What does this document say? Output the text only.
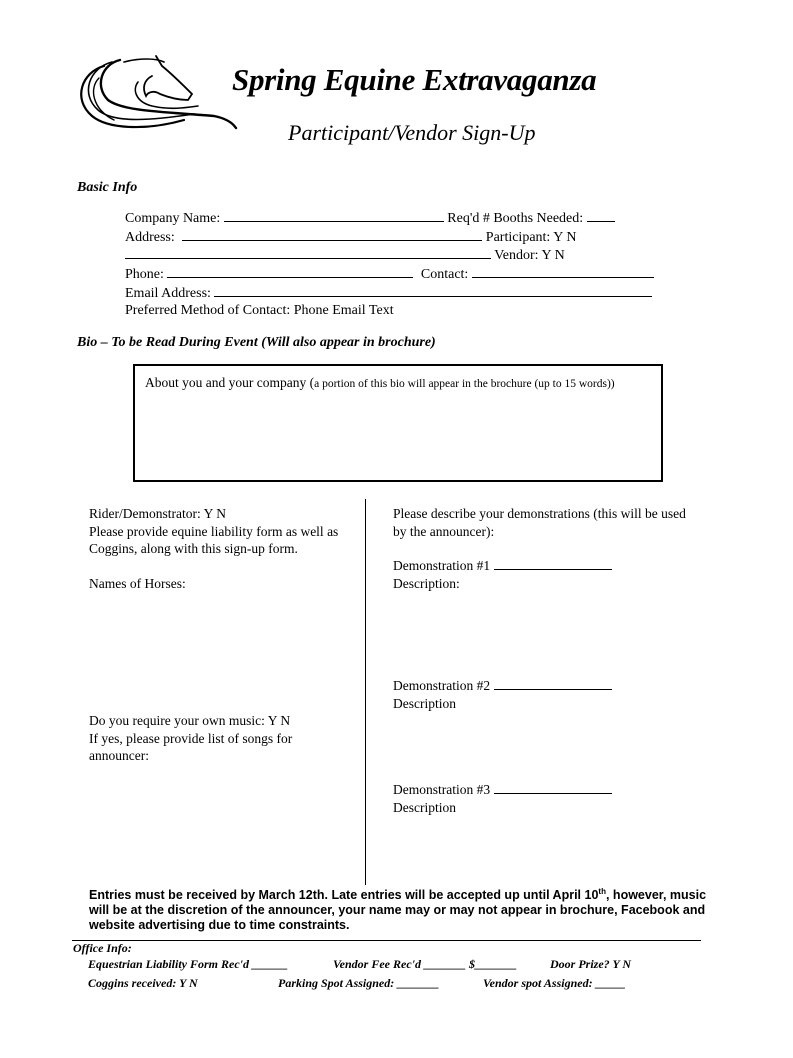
Spring Equine Extravaganza
Participant/Vendor Sign-Up
Basic Info
Company Name:	Req'd # Booths Needed:
Address:	Participant: Y N
Vendor: Y N
Phone:	Contact:
Email Address:
Preferred Method of Contact: Phone Email Text
Bio – To be Read During Event (Will also appear in brochure)
About you and your company (a portion of this bio will appear in the brochure (up to 15 words))
Rider/Demonstrator: Y N
Please provide equine liability form as well as Coggins, along with this sign-up form.
Names of Horses:
Do you require your own music: Y N
If yes, please provide list of songs for announcer:
Please describe your demonstrations (this will be used by the announcer):
Demonstration #1
Description:
Demonstration #2
Description
Demonstration #3
Description
Entries must be received by March 12th. Late entries will be accepted up until April 10th, however, music will be at the discretion of the announcer, your name may or may not appear in brochure, Facebook and website advertising due to time constraints.
Office Info:
Equestrian Liability Form Rec'd ______	Vendor Fee Rec'd _______ $_______	Door Prize? Y N
Coggins received: Y N	Parking Spot Assigned: _______	Vendor spot Assigned: _____
